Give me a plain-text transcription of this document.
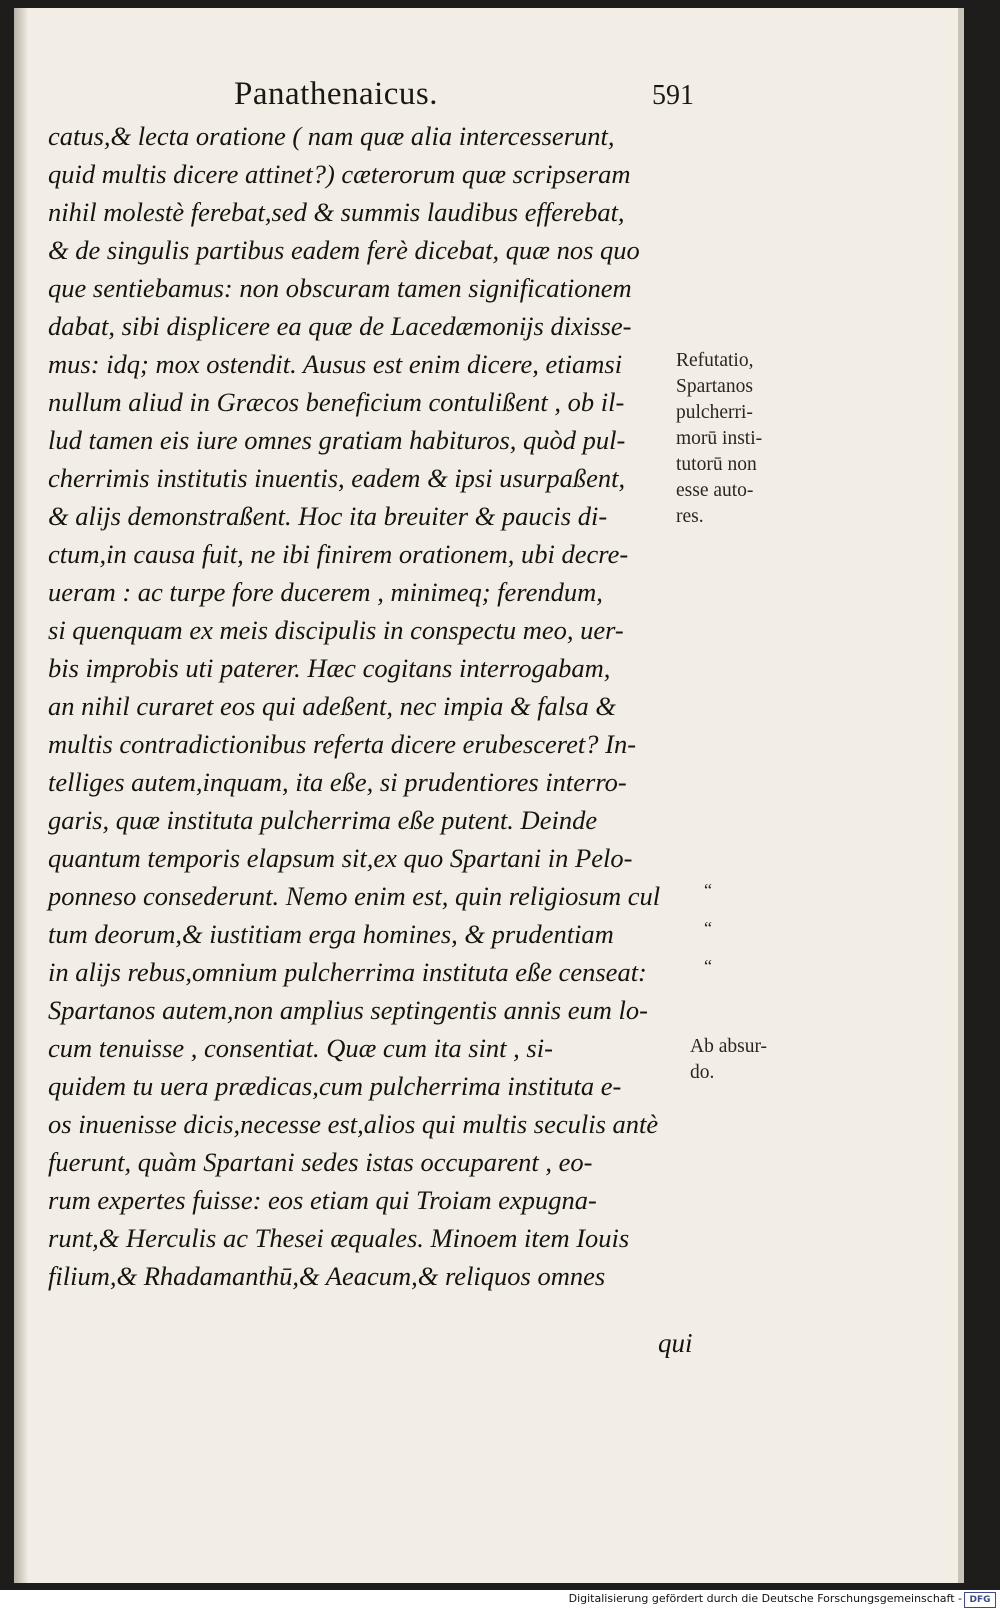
Panathenaicus.	591
catus,& lecta oratione ( nam quæ alia intercesserunt,
quid multis dicere attinet?) cæterorum quæ scripseram
nihil molestè ferebat,sed & summis laudibus efferebat,
& de singulis partibus eadem ferè dicebat, quæ nos quo
que sentiebamus: non obscuram tamen significationem
dabat, sibi displicere ea quæ de Lacedæmonijs dixisse-
mus: idq; mox ostendit. Ausus est enim dicere, etiamsi
nullum aliud in Græcos beneficium contulißent , ob il-
lud tamen eis iure omnes gratiam habituros, quòd pul-
cherrimis institutis inuentis, eadem & ipsi usurpaßent,
& alijs demonstraßent. Hoc ita breuiter & paucis di-
ctum,in causa fuit, ne ibi finirem orationem, ubi decre-
ueram : ac turpe fore ducerem , minimeq; ferendum,
si quenquam ex meis discipulis in conspectu meo, uer-
bis improbis uti paterer. Hæc cogitans interrogabam,
an nihil curaret eos qui adeßent, nec impia & falsa &
multis contradictionibus referta dicere erubesceret? In-
telliges autem,inquam, ita eße, si prudentiores interro-
garis, quæ instituta pulcherrima eße putent. Deinde
quantum temporis elapsum sit,ex quo Spartani in Pelo-
ponneso consederunt. Nemo enim est, quin religiosum cul
tum deorum,& iustitiam erga homines, & prudentiam
in alijs rebus,omnium pulcherrima instituta eße censeat:
Spartanos autem,non amplius septingentis annis eum lo-
cum tenuisse , consentiat. Quæ cum ita sint , si-
quidem tu uera prædicas,cum pulcherrima instituta e-
os inuenisse dicis,necesse est,alios qui multis seculis antè
fuerunt, quàm Spartani sedes istas occuparent , eo-
rum expertes fuisse: eos etiam qui Troiam expugna-
runt,& Herculis ac Thesei æquales. Minoem item Iouis
filium,& Rhadamanthū,& Aeacum,& reliquos omnes
qui
Refutatio,
Spartanos
pulcherri-
morū insti-
tutorū non
esse auto-
res.
“
“
“
Ab absur-
do.
Digitalisierung gefördert durch die Deutsche Forschungsgemeinschaft - DFG
